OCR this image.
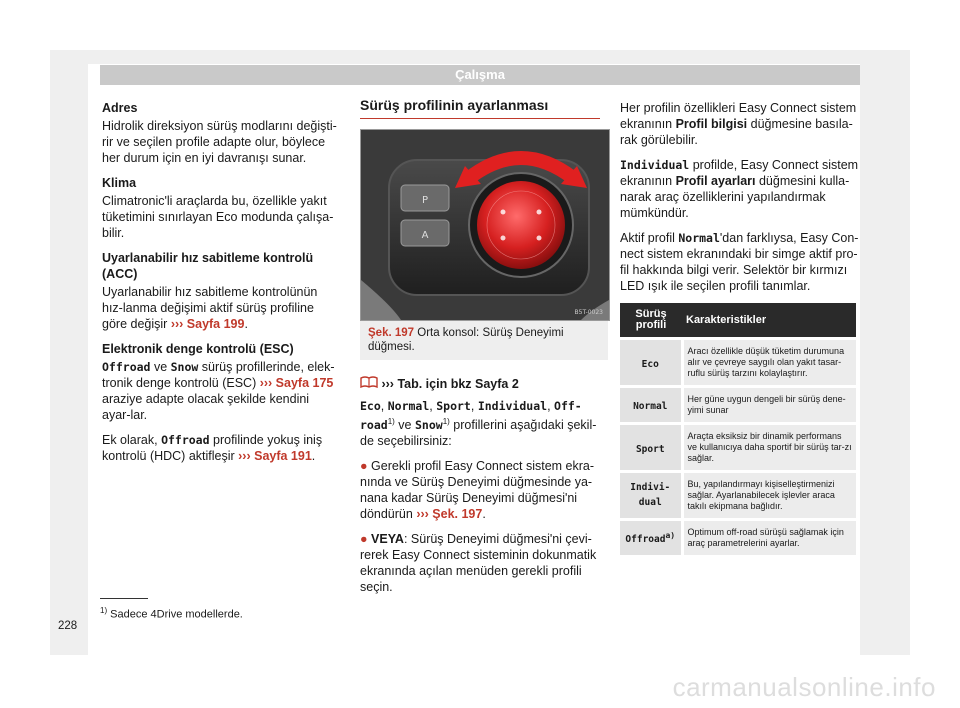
Çalışma

Adres

Hidrolik direksiyon sürüş modlarını değişti-rir ve seçilen profile adapte olur, böylece her durum için en iyi davranışı sunar.

Klima

Climatronic'li araçlarda bu, özellikle yakıt tüketimini sınırlayan Eco modunda çalışa-bilir.

Uyarlanabilir hız sabitleme kontrolü (ACC)

Uyarlanabilir hız sabitleme kontrolünün hız-lanma değişimi aktif sürüş profiline göre değişir ››› Sayfa 199.

Elektronik denge kontrolü (ESC)

Offroad ve Snow sürüş profillerinde, elek-tronik denge kontrolü (ESC) ››› Sayfa 175 araziye adapte olacak şekilde kendini ayar-lar.

Ek olarak, Offroad profilinde yokuş iniş kontrolü (HDC) aktifleşir ››› Sayfa 191.

Sürüş profilinin ayarlanması
P
A
B5T-0023
Şek. 197 Orta konsol: Sürüş Deneyimi düğmesi.

››› Tab. için bkz Sayfa 2

Eco, Normal, Sport, Individual, Off-road$^{1)}$ ve Snow$^{1)}$ profillerini aşağıdaki şekil-de seçebilirsiniz:

● Gerekli profil Easy Connect sistem ekra-nında ve Sürüş Deneyimi düğmesinde ya-nana kadar Sürüş Deneyimi düğmesi'ni döndürün ››› Şek. 197.

● VEYA: Sürüş Deneyimi düğmesi'ni çevi-rerek Easy Connect sisteminin dokunmatik ekranında açılan menüden gerekli profili seçin.

Her profilin özellikleri Easy Connect sistem ekranının Profil bilgisi düğmesine basıla-rak görülebilir.

Individual profilde, Easy Connect sistem ekranının Profil ayarları düğmesini kulla-narak araç özelliklerini yapılandırmak mümkündür.

Aktif profil Normal'dan farklıysa, Easy Con-nect sistem ekranındaki bir simge aktif pro-fil hakkında bilgi verir. Selektör bir kırmızı LED ışık ile seçilen profili tanımlar.

Sürüş profili	Karakteristikler
Eco	Aracı özellikle düşük tüketim durumuna alır ve çevreye saygılı olan yakıt tasar-ruflu sürüş tarzını kolaylaştırır.
Normal	Her güne uygun dengeli bir sürüş dene-yimi sunar
Sport	Araçta eksiksiz bir dinamik performans ve kullanıcıya daha sportif bir sürüş tar-zı sağlar.
Indivi-dual	Bu, yapılandırmayı kişiselleştirmenizi sağlar. Ayarlanabilecek işlevler araca takılı ekipmana bağlıdır.
Offroad$^{a)}$	Optimum off-road sürüşü sağlamak için araç parametrelerini ayarlar.
$^{1)}$ Sadece 4Drive modellerde.
228
carmanualsonline.info
